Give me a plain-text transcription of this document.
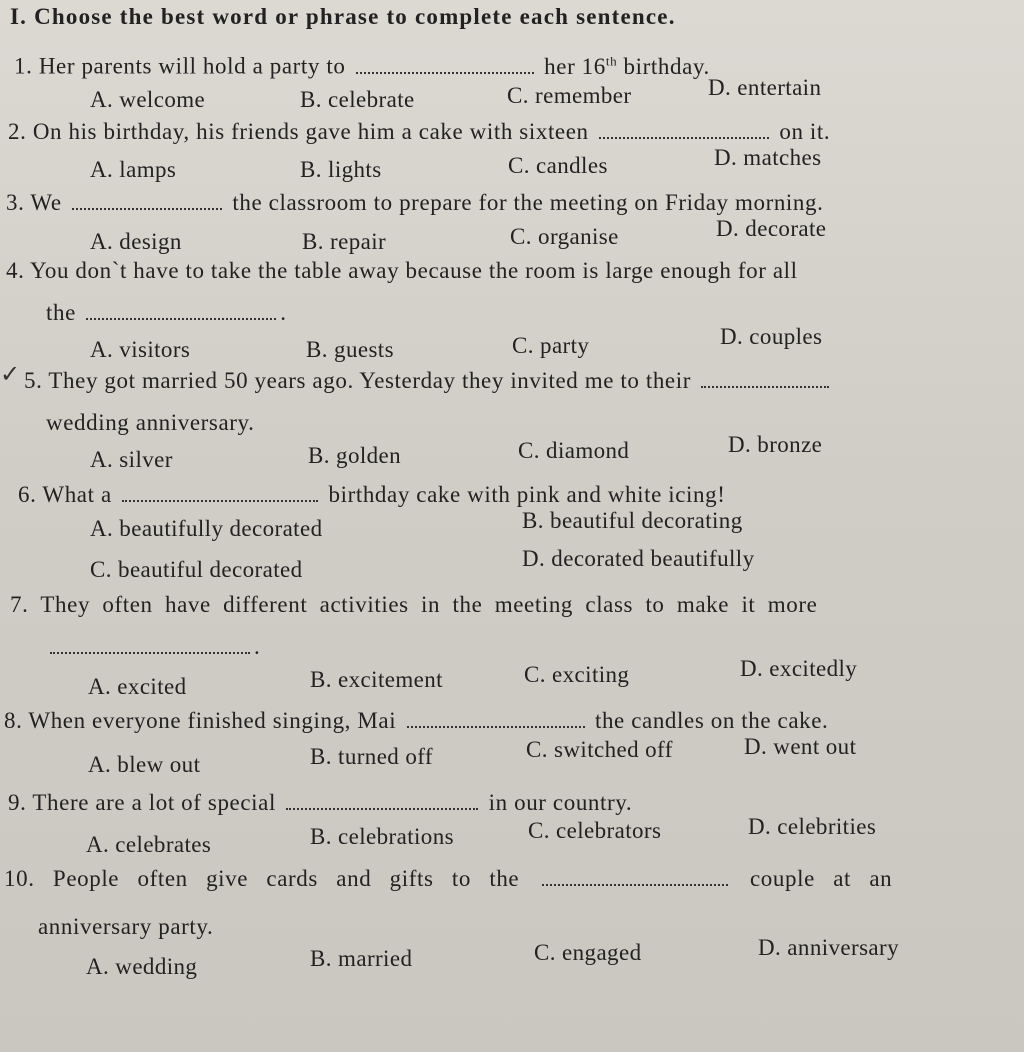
I. Choose the best word or phrase to complete each sentence.
1. Her parents will hold a party to	her 16th birthday.
A. welcome	B. celebrate	C. remember	D. entertain
2. On his birthday, his friends gave him a cake with sixteen	on it.
A. lamps	B. lights	C. candles	D. matches
3. We	the classroom to prepare for the meeting on Friday morning.
A. design	B. repair	C. organise	D. decorate
4. You don`t have to take the table away because the room is large enough for all
the	.
A. visitors	B. guests	C. party	D. couples
✓ 5. They got married 50 years ago. Yesterday they invited me to their
wedding anniversary.
A. silver	B. golden	C. diamond	D. bronze
6. What a	birthday cake with pink and white icing!
A. beautifully decorated	B. beautiful decorating
C. beautiful decorated	D. decorated beautifully
7. They often have different activities in the meeting class to make it more
.
A. excited	B. excitement	C. exciting	D. excitedly
8. When everyone finished singing, Mai	the candles on the cake.
A. blew out	B. turned off	C. switched off	D. went out
9. There are a lot of special	in our country.
A. celebrates	B. celebrations	C. celebrators	D. celebrities
10. People often give cards and gifts to the	couple at an
anniversary party.
A. wedding	B. married	C. engaged	D. anniversary
